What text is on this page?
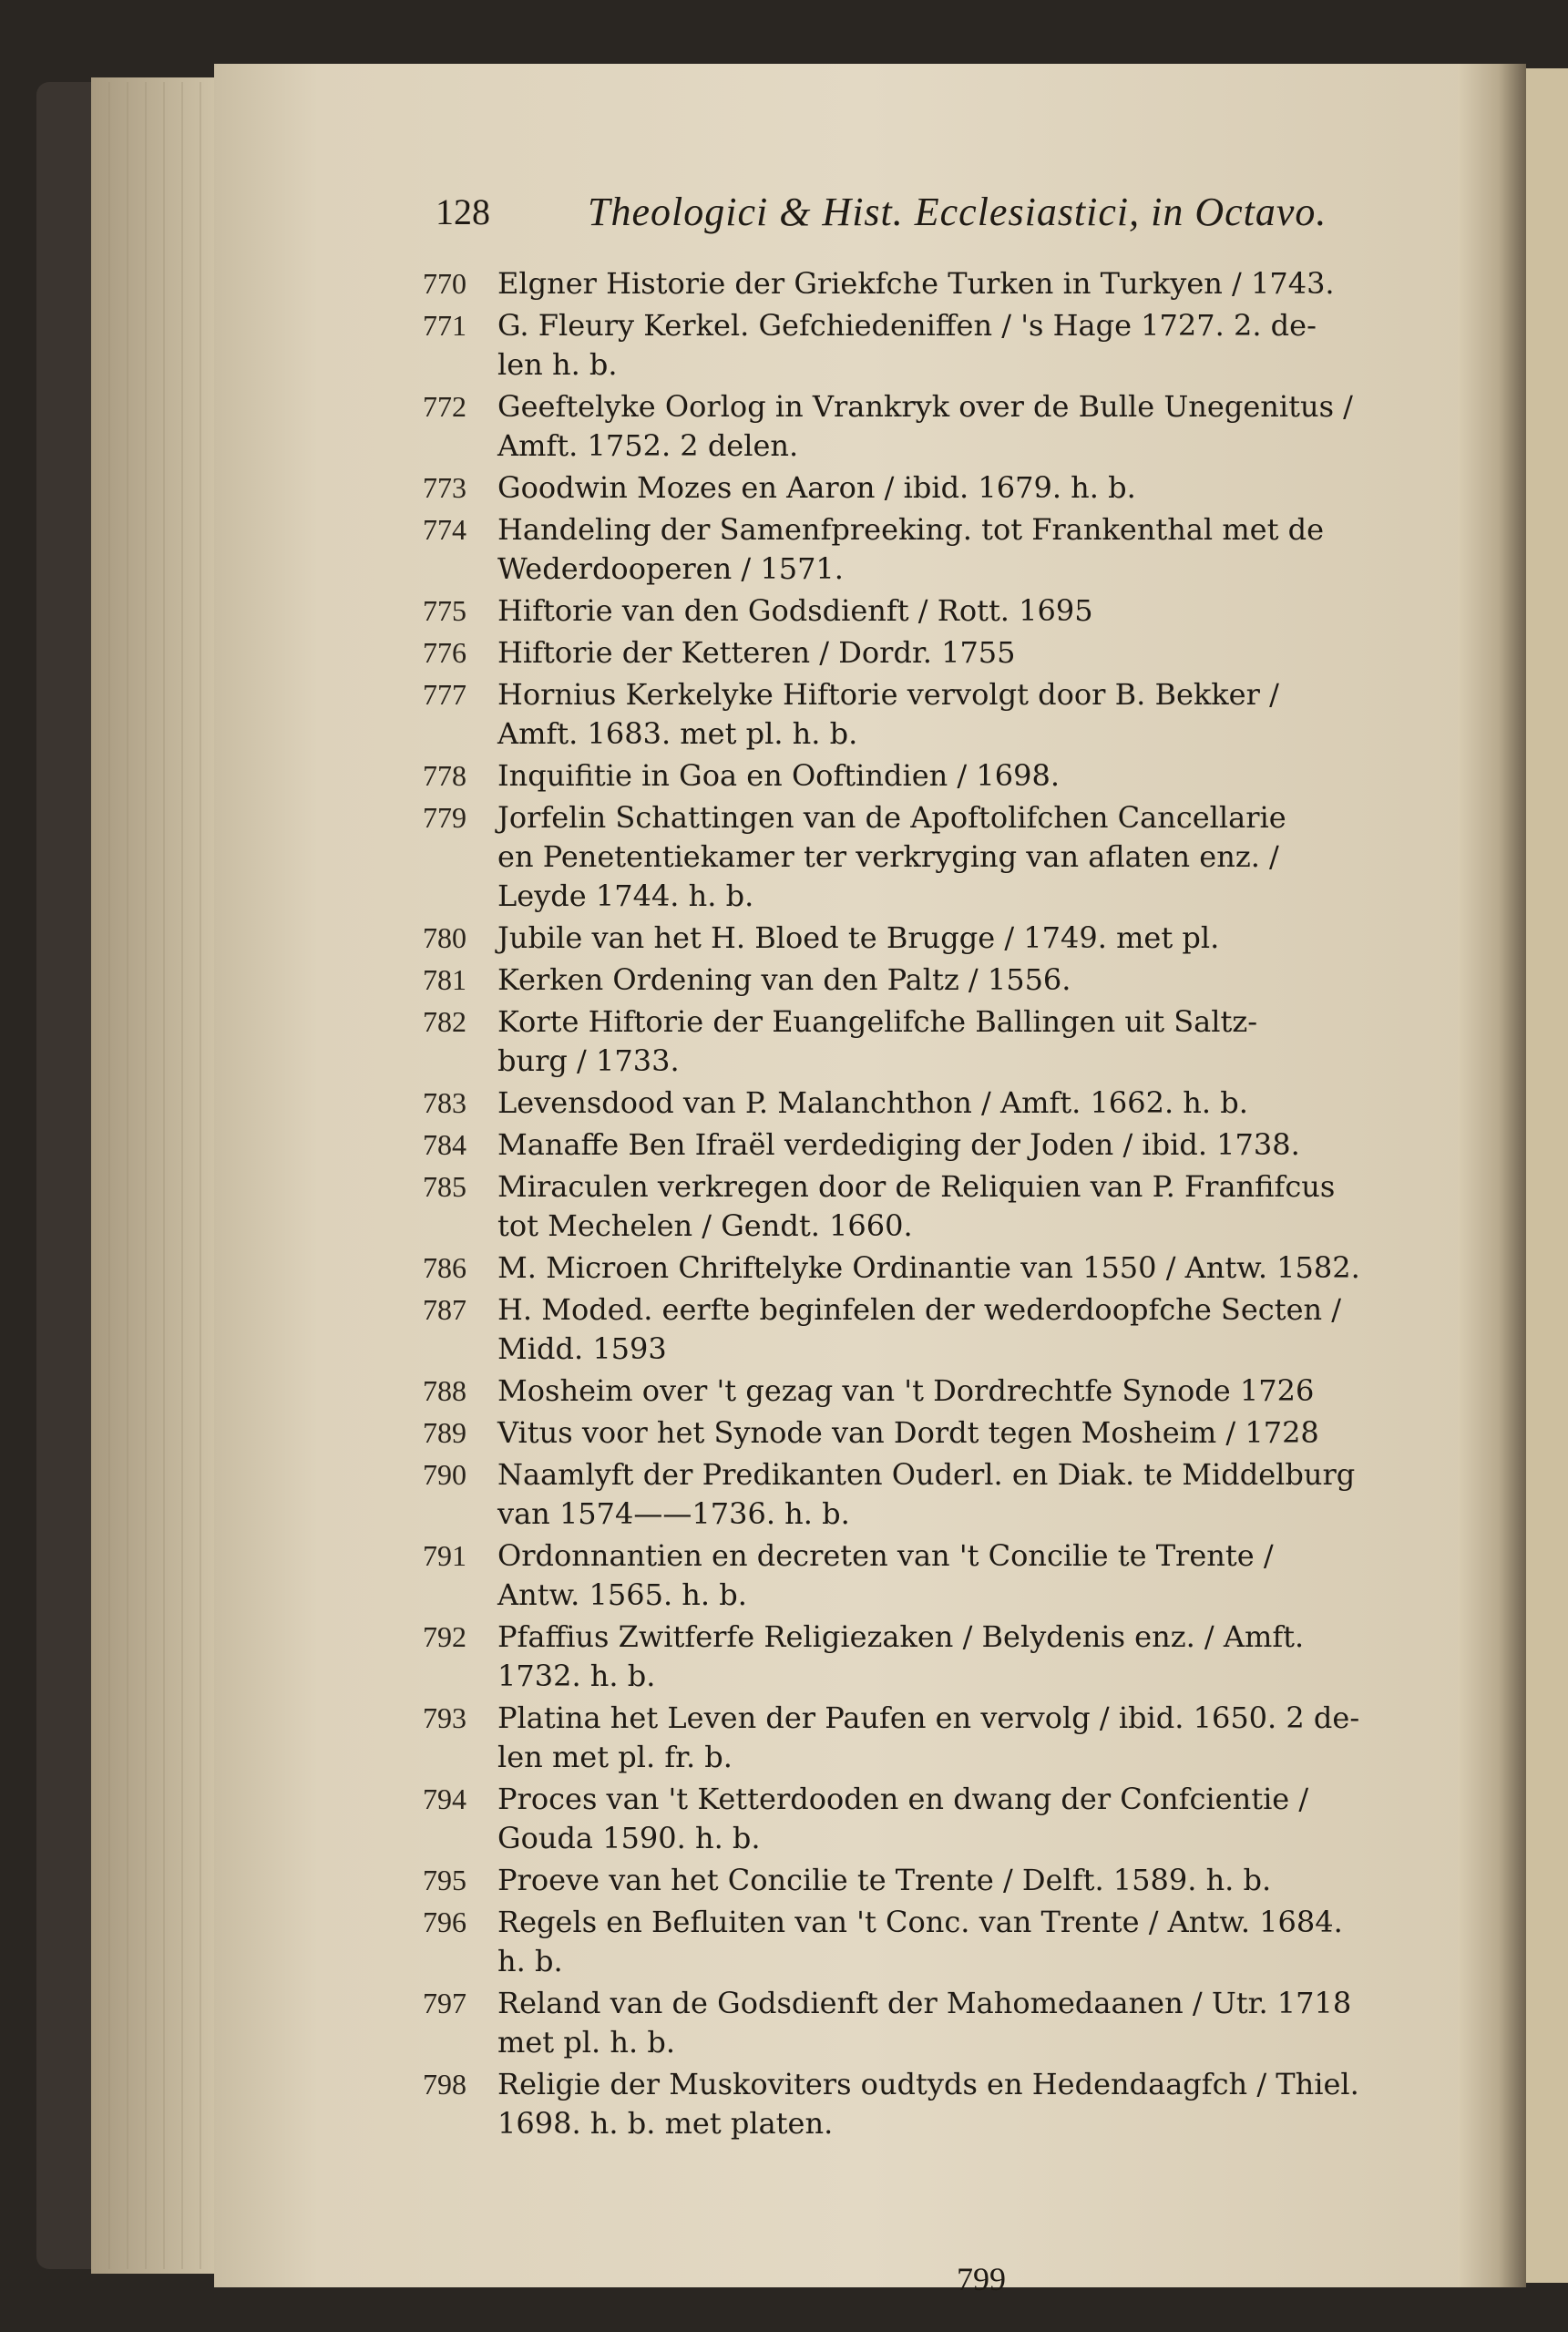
128 Theologici & Hist. Ecclesiastici, in Octavo.
770	Elgner Historie der Griekfche Turken in Turkyen / 1743.
771	G. Fleury Kerkel. Gefchiedeniffen / 's Hage 1727. 2. de-
len h. b.
772	Geeftelyke Oorlog in Vrankryk over de Bulle Unegenitus /
Amft. 1752. 2 delen.
773	Goodwin Mozes en Aaron / ibid. 1679. h. b.
774	Handeling der Samenfpreeking. tot Frankenthal met de
Wederdooperen / 1571.
775	Hiftorie van den Godsdienft / Rott. 1695
776	Hiftorie der Ketteren / Dordr. 1755
777	Hornius Kerkelyke Hiftorie vervolgt door B. Bekker /
Amft. 1683. met pl. h. b.
778	Inquifitie in Goa en Ooftindien / 1698.
779	Jorfelin Schattingen van de Apoftolifchen Cancellarie
en Penetentiekamer ter verkryging van aflaten enz. /
Leyde 1744. h. b.
780	Jubile van het H. Bloed te Brugge / 1749. met pl.
781	Kerken Ordening van den Paltz / 1556.
782	Korte Hiftorie der Euangelifche Ballingen uit Saltz-
burg / 1733.
783	Levensdood van P. Malanchthon / Amft. 1662. h. b.
784	Manaffe Ben Ifraël verdediging der Joden / ibid. 1738.
785	Miraculen verkregen door de Reliquien van P. Franfifcus
tot Mechelen / Gendt. 1660.
786	M. Microen Chriftelyke Ordinantie van 1550 / Antw. 1582.
787	H. Moded. eerfte beginfelen der wederdoopfche Secten /
Midd. 1593
788	Mosheim over 't gezag van 't Dordrechtfe Synode 1726
789	Vitus voor het Synode van Dordt tegen Mosheim / 1728
790	Naamlyft der Predikanten Ouderl. en Diak. te Middelburg
van 1574——1736. h. b.
791	Ordonnantien en decreten van 't Concilie te Trente /
Antw. 1565. h. b.
792	Pfaffius Zwitferfe Religiezaken / Belydenis enz. / Amft.
1732. h. b.
793	Platina het Leven der Paufen en vervolg / ibid. 1650. 2 de-
len met pl. fr. b.
794	Proces van 't Ketterdooden en dwang der Confcientie /
Gouda 1590. h. b.
795	Proeve van het Concilie te Trente / Delft. 1589. h. b.
796	Regels en Befluiten van 't Conc. van Trente / Antw. 1684.
h. b.
797	Reland van de Godsdienft der Mahomedaanen / Utr. 1718
met pl. h. b.
798	Religie der Muskoviters oudtyds en Hedendaagfch / Thiel.
1698. h. b. met platen.
799
